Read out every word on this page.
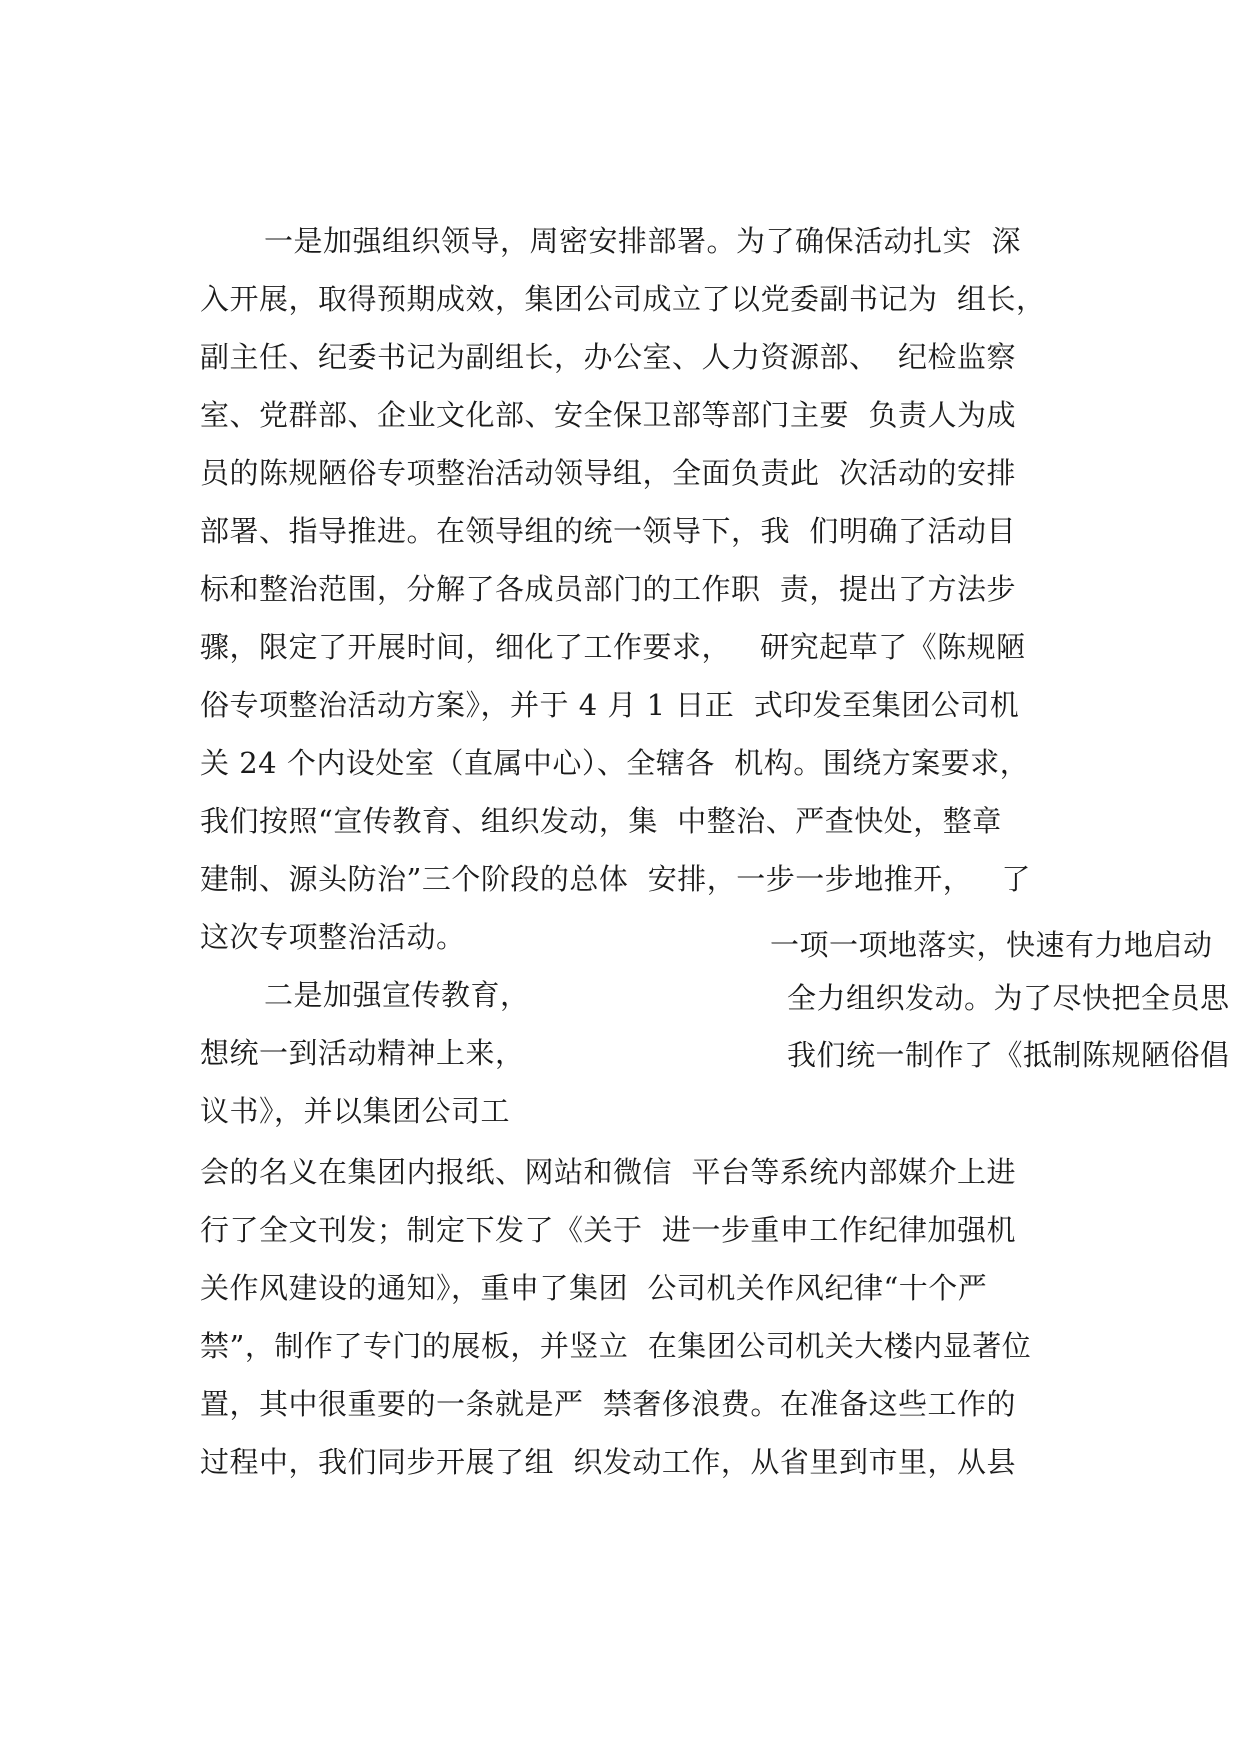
一是加强组织领导，周密安排部署。为了确保活动扎实  深

入开展，取得预期成效，集团公司成立了以党委副书记为  组长，

副主任、纪委书记为副组长，办公室、人力资源部、  纪检监察

室、党群部、企业文化部、安全保卫部等部门主要  负责人为成

员的陈规陋俗专项整治活动领导组，全面负责此  次活动的安排

部署、指导推进。在领导组的统一领导下，我  们明确了活动目

标和整治范围，分解了各成员部门的工作职  责，提出了方法步

骤，限定了开展时间，细化了工作要求，   研究起草了《陈规陋

俗专项整治活动方案》，并于 4 月 1 日正  式印发至集团公司机

关 24 个内设处室（直属中心）、全辖各  机构。围绕方案要求，

我们按照“宣传教育、组织发动，集  中整治、严查快处，整章

建制、源头防治”三个阶段的总体  安排，一步一步地推开，   了

这次专项整治活动。	一项一项地落实，快速有力地启动

二是加强宣传教育，	全力组织发动。为了尽快把全员思

想统一到活动精神上来，	我们统一制作了《抵制陈规陋俗倡

议书》，并以集团公司工

会的名义在集团内报纸、网站和微信  平台等系统内部媒介上进

行了全文刊发；制定下发了《关于  进一步重申工作纪律加强机

关作风建设的通知》，重申了集团  公司机关作风纪律“十个严

禁”，制作了专门的展板，并竖立  在集团公司机关大楼内显著位

置，其中很重要的一条就是严  禁奢侈浪费。在准备这些工作的

过程中，我们同步开展了组  织发动工作，从省里到市里，从县
